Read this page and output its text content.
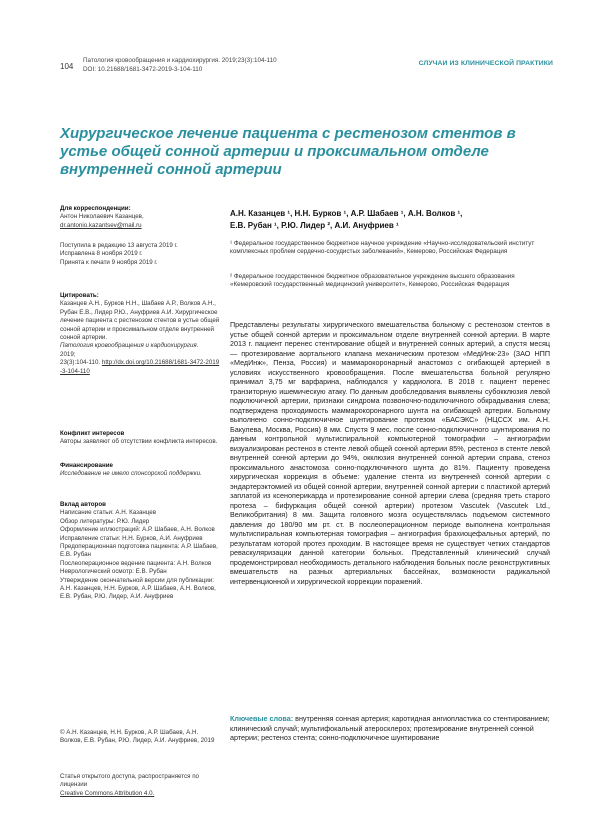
104
Патология кровообращения и кардиохирургия. 2019;23(3):104-110
DOI: 10.21688/1681-3472-2019-3-104-110
СЛУЧАИ ИЗ КЛИНИЧЕСКОЙ ПРАКТИКИ
Хирургическое лечение пациента с рестенозом стентов в устье общей сонной артерии и проксимальном отделе внутренней сонной артерии
Для корреспонденции:
Антон Николаевич Казанцев,
dr.antonio.kazantsev@mail.ru
Поступила в редакцию 13 августа 2019 г.
Исправлена 8 ноября 2019 г.
Принята к печати 9 ноября 2019 г.
Цитировать:
Казанцев А.Н., Бурков Н.Н., Шабаев А.Р., Волков А.Н., Рубан Е.В., Лидер Р.Ю., Ануфриев А.И. Хирургическое лечение пациента с рестенозом стентов в устье общей сонной артерии и проксимальном отделе внутренней сонной артерии.
Патология кровообращения и кардиохирургия.
2019;
23(3):104-110. http://dx.doi.org/10.21688/1681-3472-2019-3-104-110
Конфликт интересов
Авторы заявляют об отсутствии конфликта интересов.
Финансирование
Исследование не имело спонсорской поддержки.
Вклад авторов
Написание статьи: А.Н. Казанцев
Обзор литературы: Р.Ю. Лидер
Оформление иллюстраций: А.Р. Шабаев, А.Н. Волков
Исправление статьи: Н.Н. Бурков, А.И. Ануфриев
Предоперационная подготовка пациента: А.Р. Шабаев, Е.В. Рубан
Послеоперационное ведение пациента: А.Н. Волков
Неврологический осмотр: Е.В. Рубан
Утверждение окончательной версии для публикации: А.Н. Казанцев, Н.Н. Бурков, А.Р. Шабаев, А.Н. Волков, Е.В. Рубан, Р.Ю. Лидер, А.И. Ануфриев
© А.Н. Казанцев, Н.Н. Бурков, А.Р. Шабаев, А.Н. Волков, Е.В. Рубан, Р.Ю. Лидер, А.И. Ануфриев, 2019
Статья открытого доступа, распространяется по лицензии
Creative Commons Attribution 4.0.
А.Н. Казанцев ¹, Н.Н. Бурков ¹, А.Р. Шабаев ¹, А.Н. Волков ¹,
Е.В. Рубан ¹, Р.Ю. Лидер ², А.И. Ануфриев ¹
¹ Федеральное государственное бюджетное научное учреждение «Научно-исследовательский институт комплексных проблем сердечно-сосудистых заболеваний», Кемерово, Российская Федерация
² Федеральное государственное бюджетное образовательное учреждение высшего образования «Кемеровский государственный медицинский университет», Кемерово, Российская Федерация
Представлены результаты хирургического вмешательства больному с рестенозом стентов в устье общей сонной артерии и проксимальном отделе внутренней сонной артерии. В марте 2013 г. пациент перенес стентирование общей и внутренней сонных артерий, а спустя месяц — протезирование аортального клапана механическим протезом «МедИнж-23» (ЗАО НПП «МедИнж», Пенза, Россия) и маммарокоронарный анастомоз с огибающей артерией в условиях искусственного кровообращения. После вмешательства больной регулярно принимал 3,75 мг варфарина, наблюдался у кардиолога. В 2018 г. пациент перенес транзиторную ишемическую атаку. По данным дообследования выявлены субокклюзия левой подключичной артерии, признаки синдрома позвоночно-подключичного обкрадывания слева; подтверждена проходимость маммарокоронарного шунта на огибающей артерии. Больному выполнено сонно-подключичное шунтирование протезом «БАСЭКС» (НЦССХ им. А.Н. Бакулева, Москва, Россия) 8 мм. Спустя 9 мес. после сонно-подключичного шунтирования по данным контрольной мультиспиральной компьютерной томографии – ангиографии визуализирован рестеноз в стенте левой общей сонной артерии 85%, рестеноз в стенте левой внутренней сонной артерии до 94%, окклюзия внутренней сонной артерии справа, стеноз проксимального анастомоза сонно-подключичного шунта до 81%. Пациенту проведена хирургическая коррекция в объеме: удаление стента из внутренней сонной артерии с эндартерэктомией из общей сонной артерии, внутренней сонной артерии с пластикой артерий заплатой из ксеноперикарда и протезирование сонной артерии слева (средняя треть старого протеза – бифуркация общей сонной артерии) протезом Vascutek (Vascutek Ltd., Великобритания) 8 мм. Защита головного мозга осуществлялась подъемом системного давления до 180/90 мм рт. ст. В послеоперационном периоде выполнена контрольная мультиспиральная компьютерная томография – ангиография брахиоцефальных артерий, по результатам которой протез проходим. В настоящее время не существует четких стандартов реваскуляризации данной категории больных. Представленный клинический случай продемонстрировал необходимость детального наблюдения больных после реконструктивных вмешательств на разных артериальных бассейнах, возможности радикальной интервенционной и хирургической коррекции поражений.
Ключевые слова: внутренняя сонная артерия; каротидная ангиопластика со стентированием; клинический случай; мультифокальный атеросклероз; протезирование внутренней сонной артерии; рестеноз стента; сонно-подключичное шунтирование
